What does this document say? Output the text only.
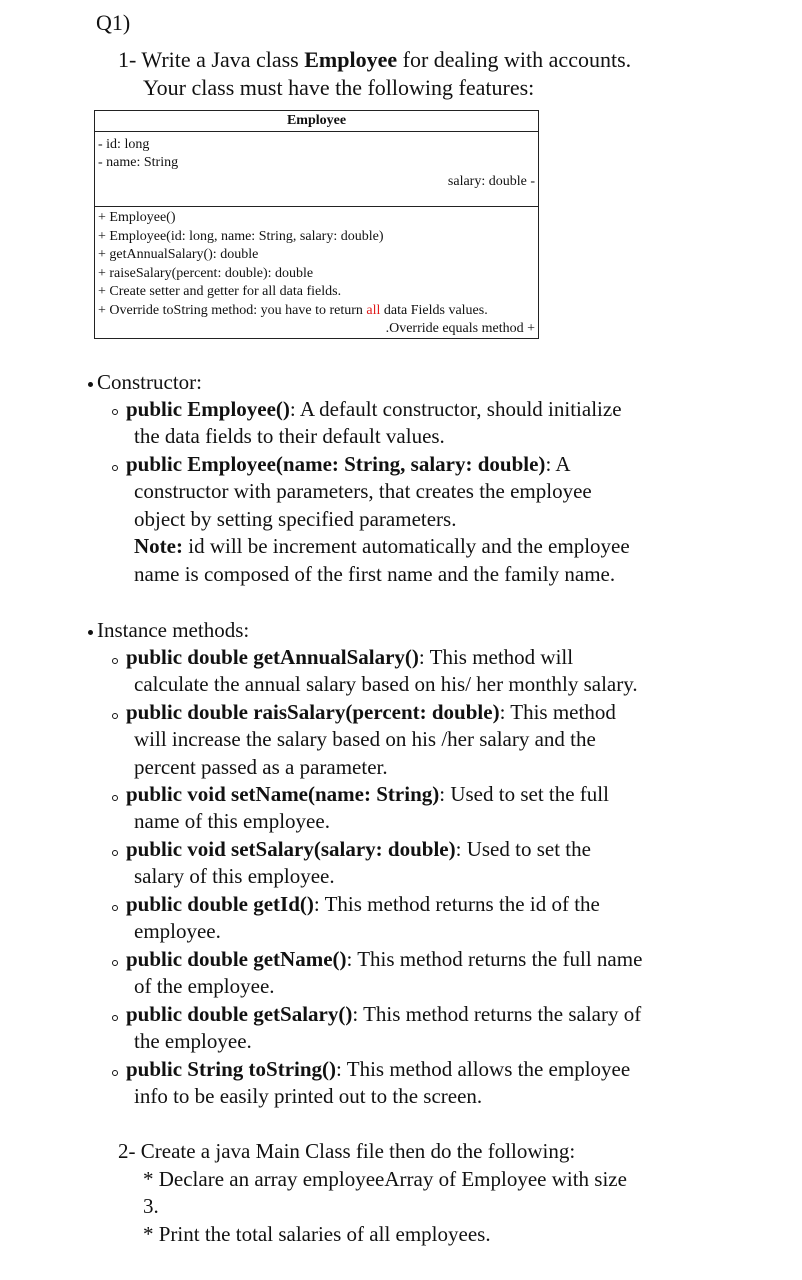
Q1)
1- Write a Java class Employee for dealing with accounts.
Your class must have the following features:
Employee
- id: long
- name: String
salary: double -
+ Employee()
+ Employee(id: long, name: String, salary: double)
+ getAnnualSalary(): double
+ raiseSalary(percent: double): double
+ Create setter and getter for all data fields.
+ Override toString method: you have to return all data Fields values.
.Override equals method +
Constructor:
public Employee(): A default constructor, should initialize
the data fields to their default values.
public Employee(name: String, salary: double): A
constructor with parameters, that creates the employee
object by setting specified parameters.
Note: id will be increment automatically and the employee
name is composed of the first name and the family name.
Instance methods:
public double getAnnualSalary(): This method will
calculate the annual salary based on his/ her monthly salary.
public double raisSalary(percent: double): This method
will increase the salary based on his /her salary and the
percent passed as a parameter.
public void setName(name: String): Used to set the full
name of this employee.
public void setSalary(salary: double): Used to set the
salary of this employee.
public double getId(): This method returns the id of the
employee.
public double getName(): This method returns the full name
of the employee.
public double getSalary(): This method returns the salary of
the employee.
public String toString(): This method allows the employee
info to be easily printed out to the screen.
2- Create a java Main Class file then do the following:
* Declare an array employeeArray of Employee with size
3.
* Print the total salaries of all employees.
